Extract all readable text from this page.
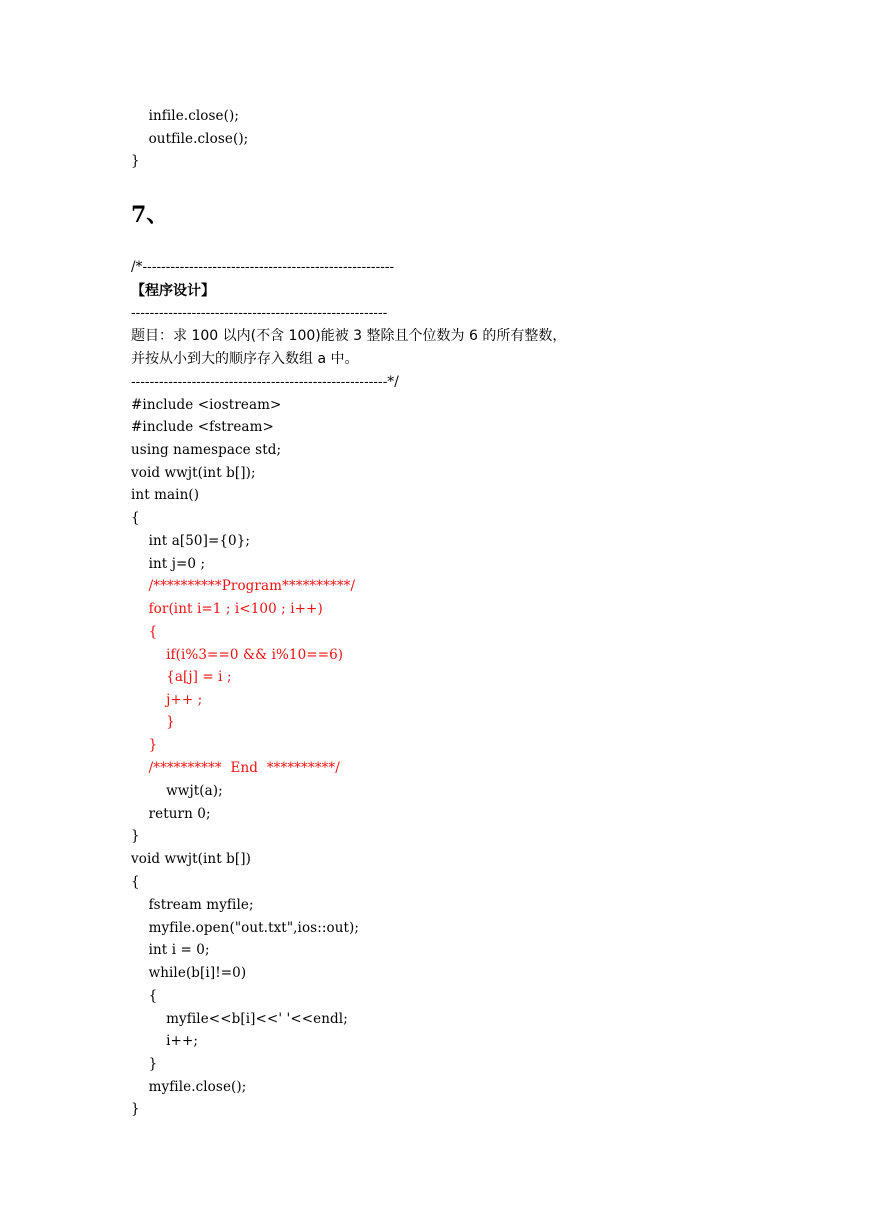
infile.close();
outfile.close();
}
7、
/*------------------------------------------------------
【程序设计】
-------------------------------------------------------
题目：求 100 以内(不含 100)能被 3 整除且个位数为 6 的所有整数，
并按从小到大的顺序存入数组 a 中。
-------------------------------------------------------*/
#include <iostream>
#include <fstream>
using namespace std;
void wwjt(int b[]);
int main()
{
int a[50]={0};
int j=0 ;
/**********Program**********/
for(int i=1 ; i<100 ; i++)
{
if(i%3==0 && i%10==6)
{a[j] = i ;
j++ ;
}
}
/**********  End  **********/
wwjt(a);
return 0;
}
void wwjt(int b[])
{
fstream myfile;
myfile.open("out.txt",ios::out);
int i = 0;
while(b[i]!=0)
{
myfile<<b[i]<<' '<<endl;
i++;
}
myfile.close();
}
